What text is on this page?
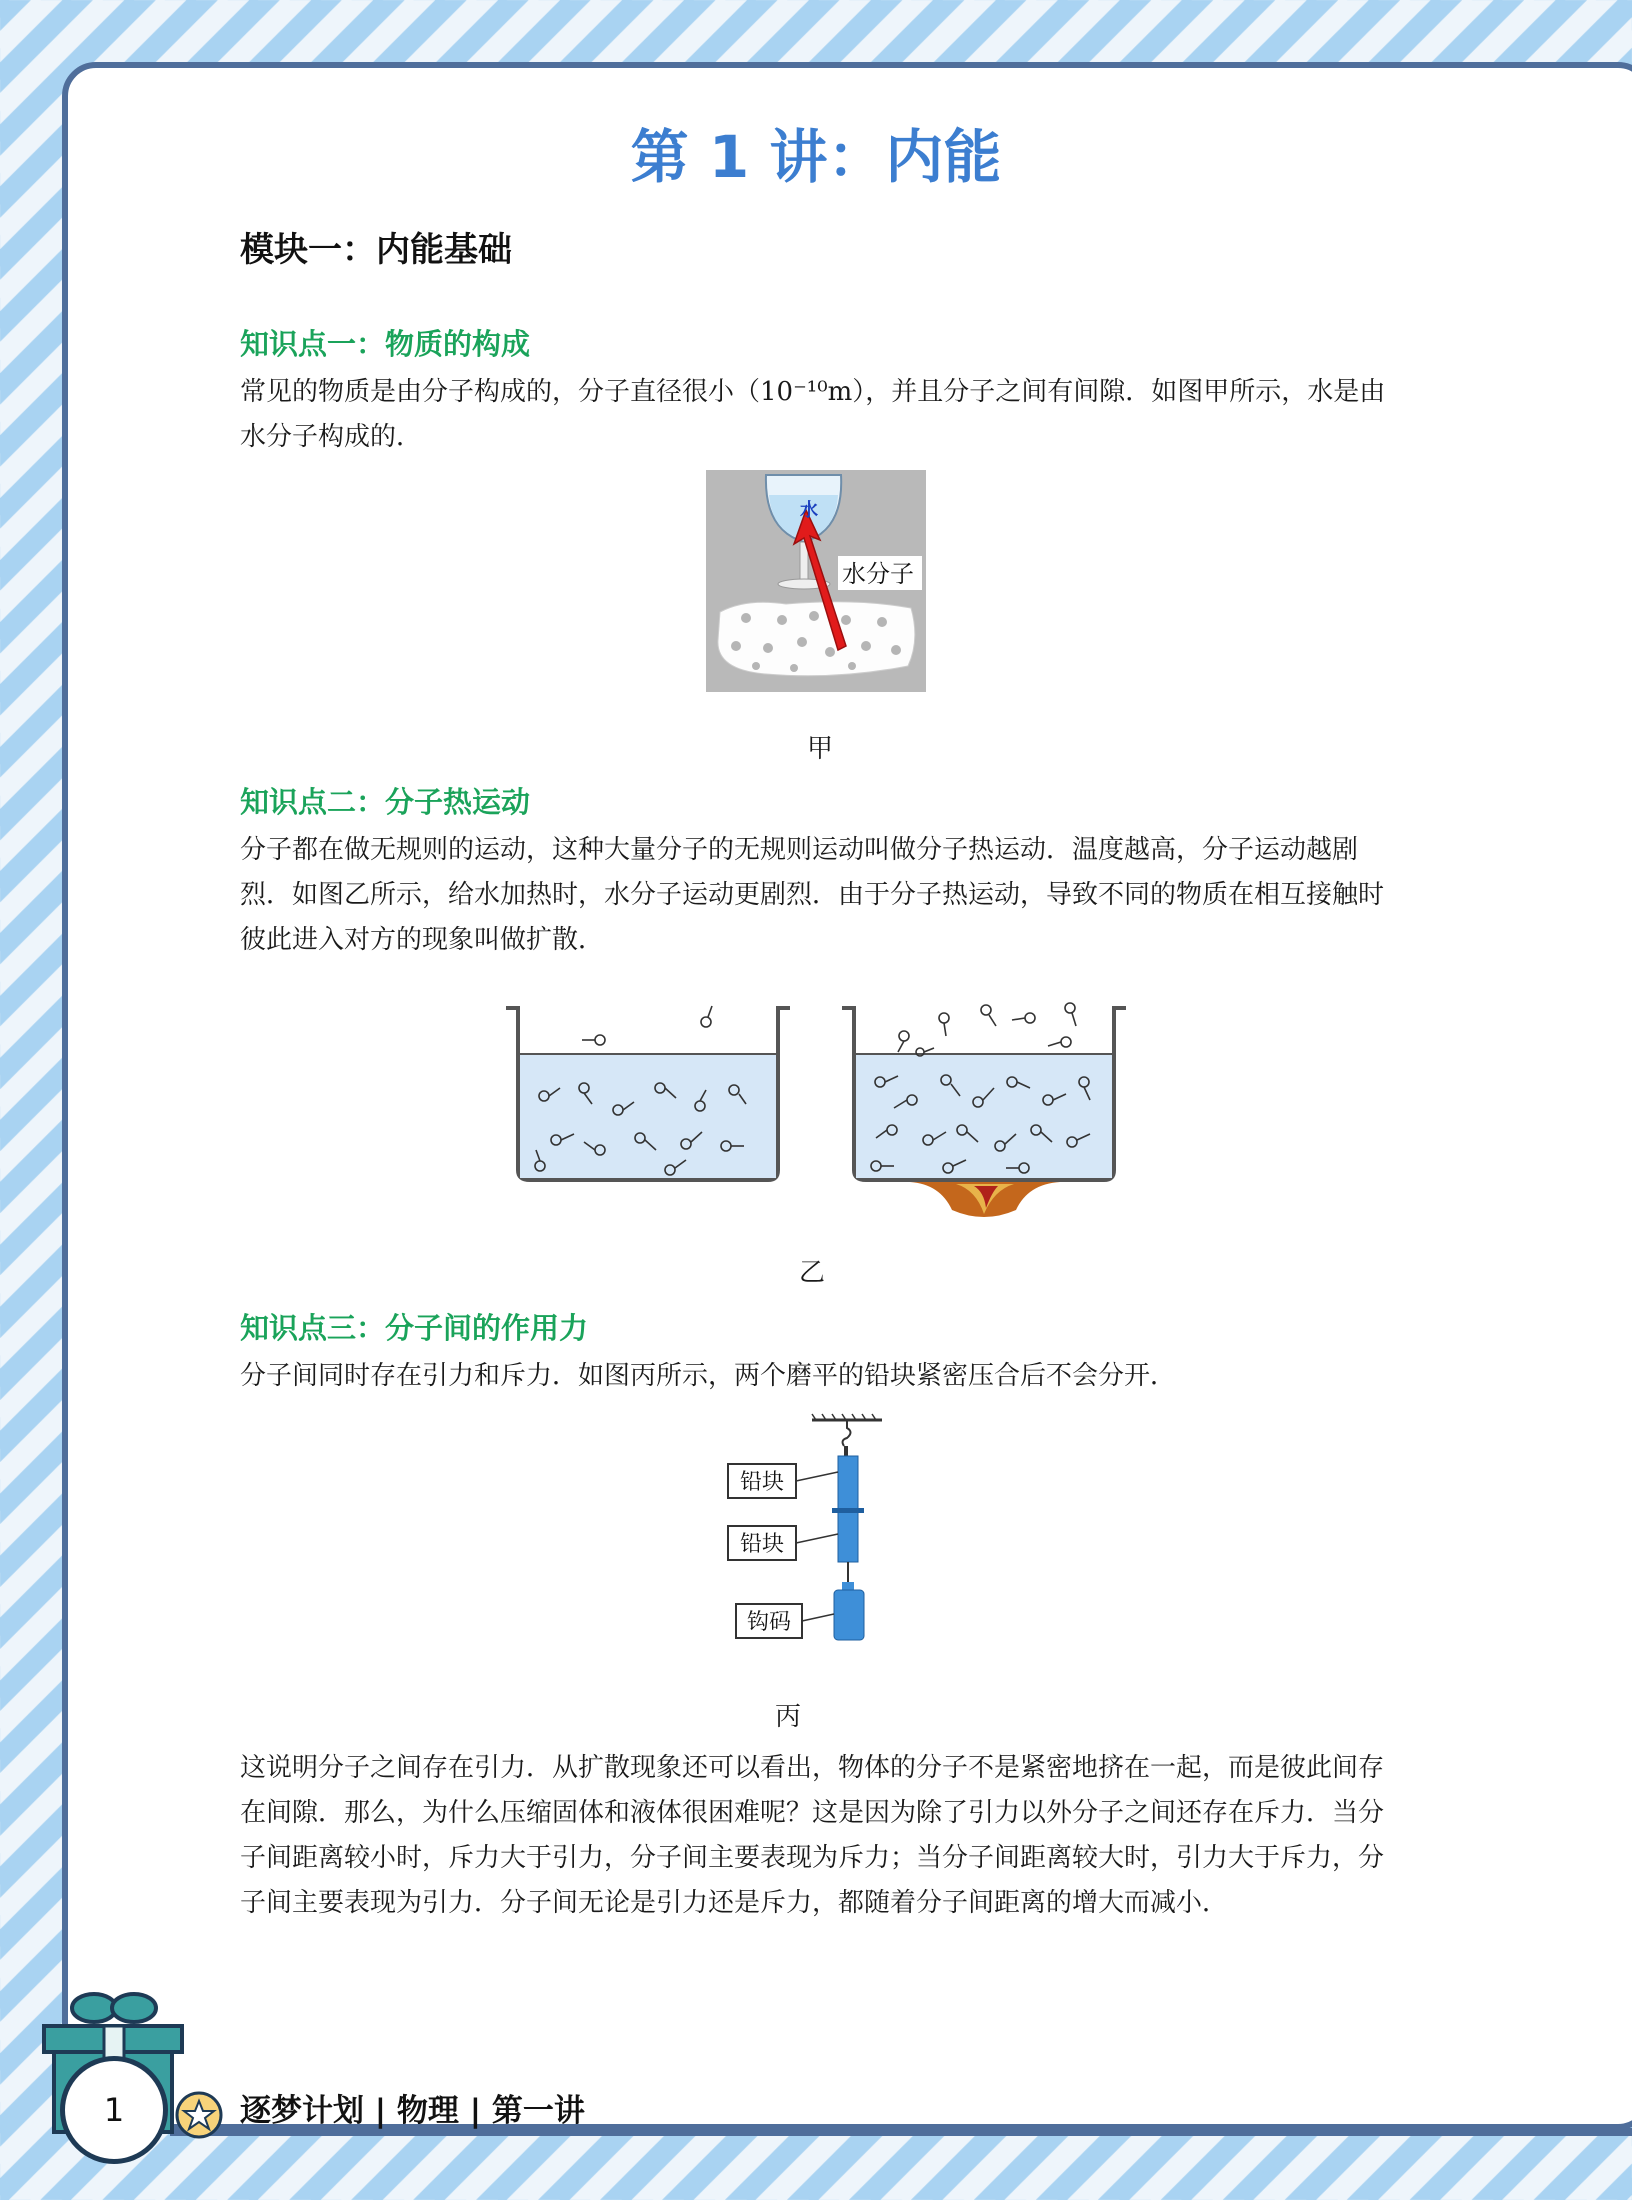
第 1 讲：内能
模块一：内能基础
知识点一：物质的构成
常见的物质是由分子构成的，分子直径很小（10⁻¹⁰m），并且分子之间有间隙．如图甲所示，水是由水分子构成的．
水
水分子
甲
知识点二：分子热运动
分子都在做无规则的运动，这种大量分子的无规则运动叫做分子热运动．温度越高，分子运动越剧烈．如图乙所示，给水加热时，水分子运动更剧烈．由于分子热运动，导致不同的物质在相互接触时彼此进入对方的现象叫做扩散．
乙
知识点三：分子间的作用力
分子间同时存在引力和斥力．如图丙所示，两个磨平的铅块紧密压合后不会分开．
铅块
铅块
钩码
丙
这说明分子之间存在引力．从扩散现象还可以看出，物体的分子不是紧密地挤在一起，而是彼此间存在间隙．那么，为什么压缩固体和液体很困难呢？这是因为除了引力以外分子之间还存在斥力．当分子间距离较小时，斥力大于引力，分子间主要表现为斥力；当分子间距离较大时，引力大于斥力，分子间主要表现为引力．分子间无论是引力还是斥力，都随着分子间距离的增大而减小．
1	逐梦计划 | 物理 | 第一讲
